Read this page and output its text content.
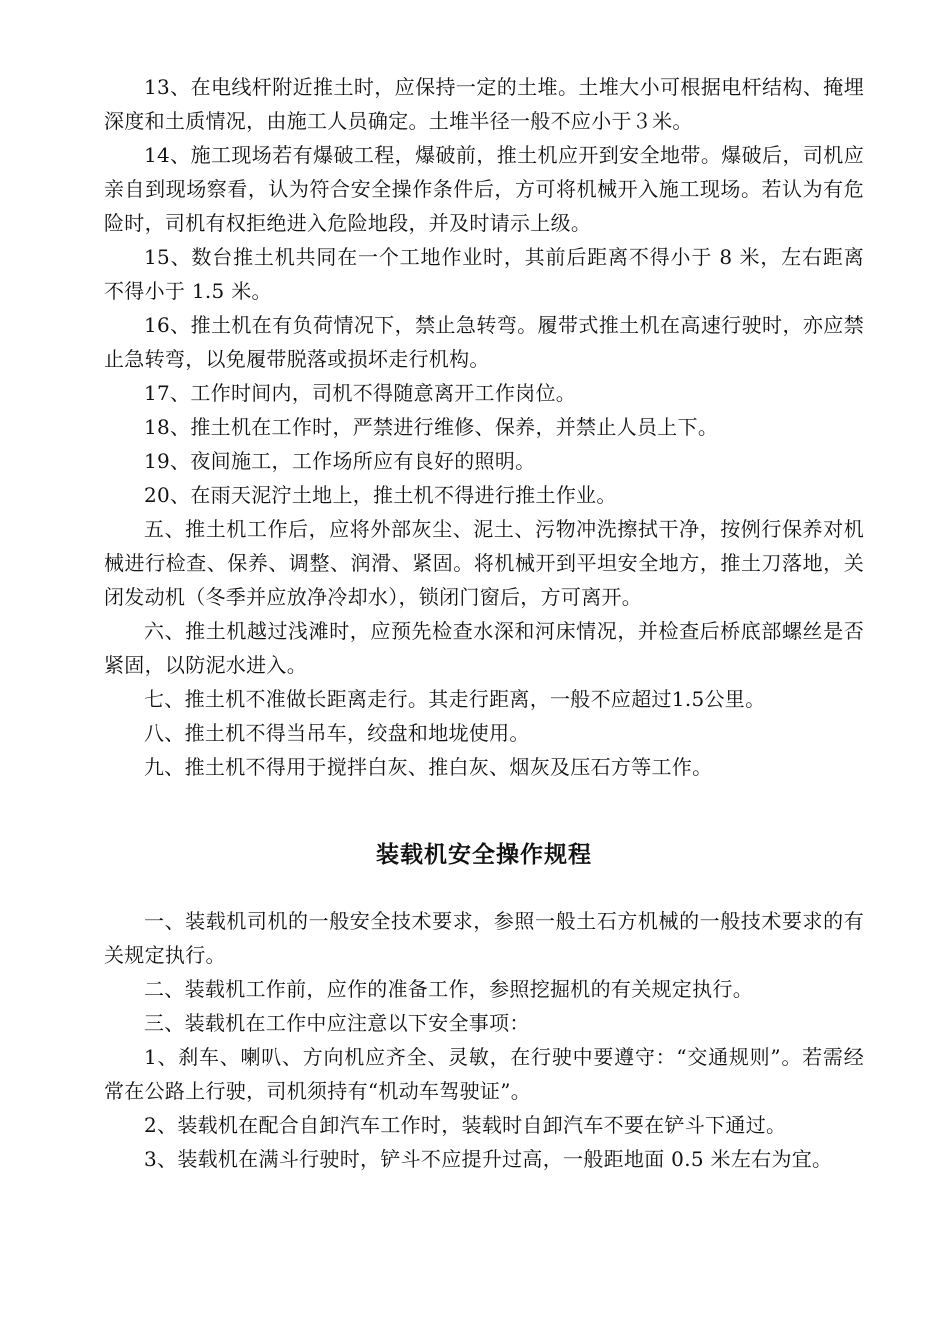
13、在电线杆附近推土时，应保持一定的土堆。土堆大小可根据电杆结构、掩埋深度和土质情况，由施工人员确定。土堆半径一般不应小于３米。

14、施工现场若有爆破工程，爆破前，推土机应开到安全地带。爆破后，司机应亲自到现场察看，认为符合安全操作条件后，方可将机械开入施工现场。若认为有危险时，司机有权拒绝进入危险地段，并及时请示上级。

15、数台推土机共同在一个工地作业时，其前后距离不得小于 8 米，左右距离不得小于 1.5 米。

16、推土机在有负荷情况下，禁止急转弯。履带式推土机在高速行驶时，亦应禁止急转弯，以免履带脱落或损坏走行机构。

17、工作时间内，司机不得随意离开工作岗位。

18、推土机在工作时，严禁进行维修、保养，并禁止人员上下。

19、夜间施工，工作场所应有良好的照明。

20、在雨天泥泞土地上，推土机不得进行推土作业。

五、推土机工作后，应将外部灰尘、泥土、污物冲洗擦拭干净，按例行保养对机械进行检查、保养、调整、润滑、紧固。将机械开到平坦安全地方，推土刀落地，关闭发动机（冬季并应放净冷却水），锁闭门窗后，方可离开。

六、推土机越过浅滩时，应预先检查水深和河床情况，并检查后桥底部螺丝是否紧固，以防泥水进入。

七、推土机不准做长距离走行。其走行距离，一般不应超过1.5公里。

八、推土机不得当吊车，绞盘和地垅使用。

九、推土机不得用于搅拌白灰、推白灰、烟灰及压石方等工作。

装载机安全操作规程

一、装载机司机的一般安全技术要求，参照一般土石方机械的一般技术要求的有关规定执行。

二、装载机工作前，应作的准备工作，参照挖掘机的有关规定执行。

三、装载机在工作中应注意以下安全事项：

1、刹车、喇叭、方向机应齐全、灵敏，在行驶中要遵守：“交通规则”。若需经常在公路上行驶，司机须持有“机动车驾驶证”。

2、装载机在配合自卸汽车工作时，装载时自卸汽车不要在铲斗下通过。

3、装载机在满斗行驶时，铲斗不应提升过高，一般距地面 0.5 米左右为宜。
